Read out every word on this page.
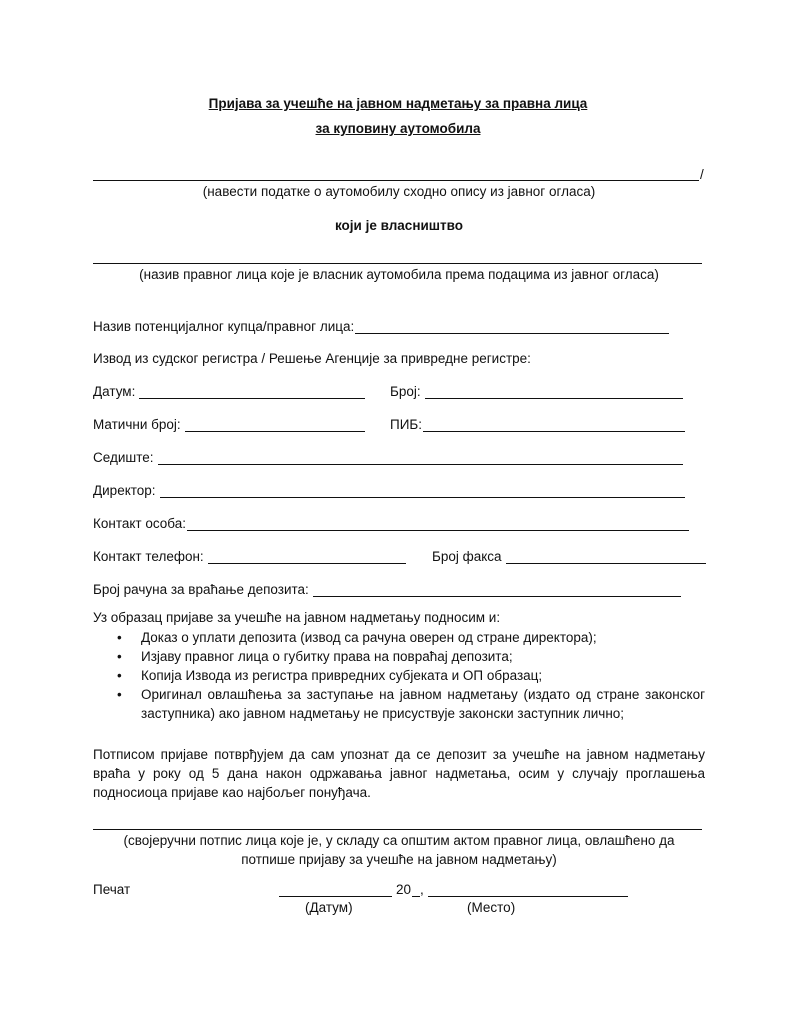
Пријава за учешће на јавном надметању за правна лица
за куповину аутомобила
/
(навести податке о аутомобилу сходно опису из јавног огласа)
који је власништво
(назив правног лица које је власник аутомобила према подацима из јавног огласа)
Назив потенцијалног купца/правног лица:
Извод из судског регистра / Решење Агенције за привредне регистре:
Датум:	Број:
Матични број:	ПИБ:
Седиште:
Директор:
Контакт особа:
Контакт телефон:	Број факса
Број рачуна за враћање депозита:
Уз образац пријаве за учешће на јавном надметању подносим и:
• Доказ о уплати депозита (извод са рачуна оверен од стране директора);
• Изјаву правног лица о губитку права на повраћај депозита;
• Копија Извода из регистра привредних субјеката и ОП образац;
• Оригинал овлашћења за заступање на јавном надметању (издато од стране законског заступника) ако јавном надметању не присуствује законски заступник лично;
Потписом пријаве потврђујем да сам упознат да се депозит за учешће на јавном надметању враћа у року од 5 дана након одржавања јавног надметања, осим у случају проглашења подносиоца пријаве као најбољег понуђача.
(својеручни потпис лица које је, у складу са општим актом правног лица, овлашћено да
потпише пријаву за учешће на јавном надметању)
Печат	20 ,
(Датум)	(Место)
